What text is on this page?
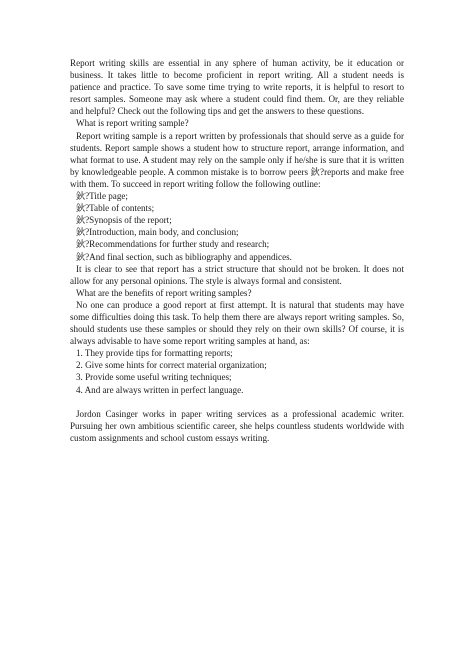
Report writing skills are essential in any sphere of human activity, be it education or business. It takes little to become proficient in report writing. All a student needs is patience and practice. To save some time trying to write reports, it is helpful to resort to resort samples. Someone may ask where a student could find them. Or, are they reliable and helpful? Check out the following tips and get the answers to these questions.

What is report writing sample?

Report writing sample is a report written by professionals that should serve as a guide for students. Report sample shows a student how to structure report, arrange information, and what format to use. A student may rely on the sample only if he/she is sure that it is written by knowledgeable people. A common mistake is to borrow peers 鈥?reports and make free with them. To succeed in report writing follow the following outline:

鈥?Title page;

鈥?Table of contents;

鈥?Synopsis of the report;

鈥?Introduction, main body, and conclusion;

鈥?Recommendations for further study and research;

鈥?And final section, such as bibliography and appendices.

It is clear to see that report has a strict structure that should not be broken. It does not allow for any personal opinions. The style is always formal and consistent.

What are the benefits of report writing samples?

No one can produce a good report at first attempt. It is natural that students may have some difficulties doing this task. To help them there are always report writing samples. So, should students use these samples or should they rely on their own skills? Of course, it is always advisable to have some report writing samples at hand, as:

1. They provide tips for formatting reports;

2. Give some hints for correct material organization;

3. Provide some useful writing techniques;

4. And are always written in perfect language.

Jordon Casinger works in paper writing services as a professional academic writer. Pursuing her own ambitious scientific career, she helps countless students worldwide with custom assignments and school custom essays writing.
